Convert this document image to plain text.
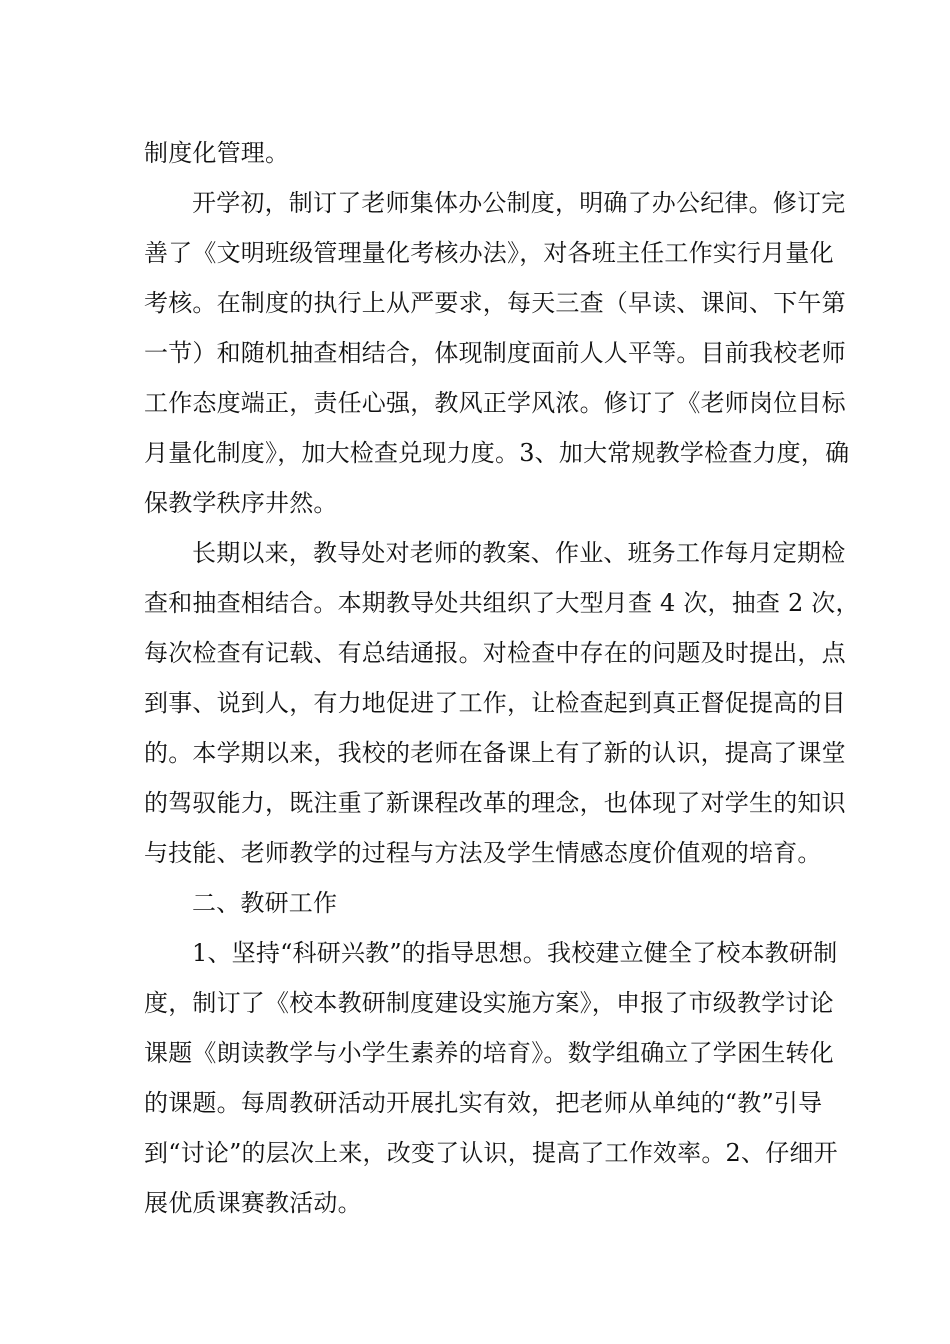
制度化管理。
开学初，制订了老师集体办公制度，明确了办公纪律。修订完
善了《文明班级管理量化考核办法》，对各班主任工作实行月量化
考核。在制度的执行上从严要求，每天三查（早读、课间、下午第
一节）和随机抽查相结合，体现制度面前人人平等。目前我校老师
工作态度端正，责任心强，教风正学风浓。修订了《老师岗位目标
月量化制度》，加大检查兑现力度。3、加大常规教学检查力度，确
保教学秩序井然。
长期以来，教导处对老师的教案、作业、班务工作每月定期检
查和抽查相结合。本期教导处共组织了大型月查 4 次，抽查 2 次，
每次检查有记载、有总结通报。对检查中存在的问题及时提出，点
到事、说到人，有力地促进了工作，让检查起到真正督促提高的目
的。本学期以来，我校的老师在备课上有了新的认识，提高了课堂
的驾驭能力，既注重了新课程改革的理念，也体现了对学生的知识
与技能、老师教学的过程与方法及学生情感态度价值观的培育。
二、教研工作
1、坚持“科研兴教”的指导思想。我校建立健全了校本教研制
度，制订了《校本教研制度建设实施方案》，申报了市级教学讨论
课题《朗读教学与小学生素养的培育》。数学组确立了学困生转化
的课题。每周教研活动开展扎实有效，把老师从单纯的“教”引导
到“讨论”的层次上来，改变了认识，提高了工作效率。2、仔细开
展优质课赛教活动。
